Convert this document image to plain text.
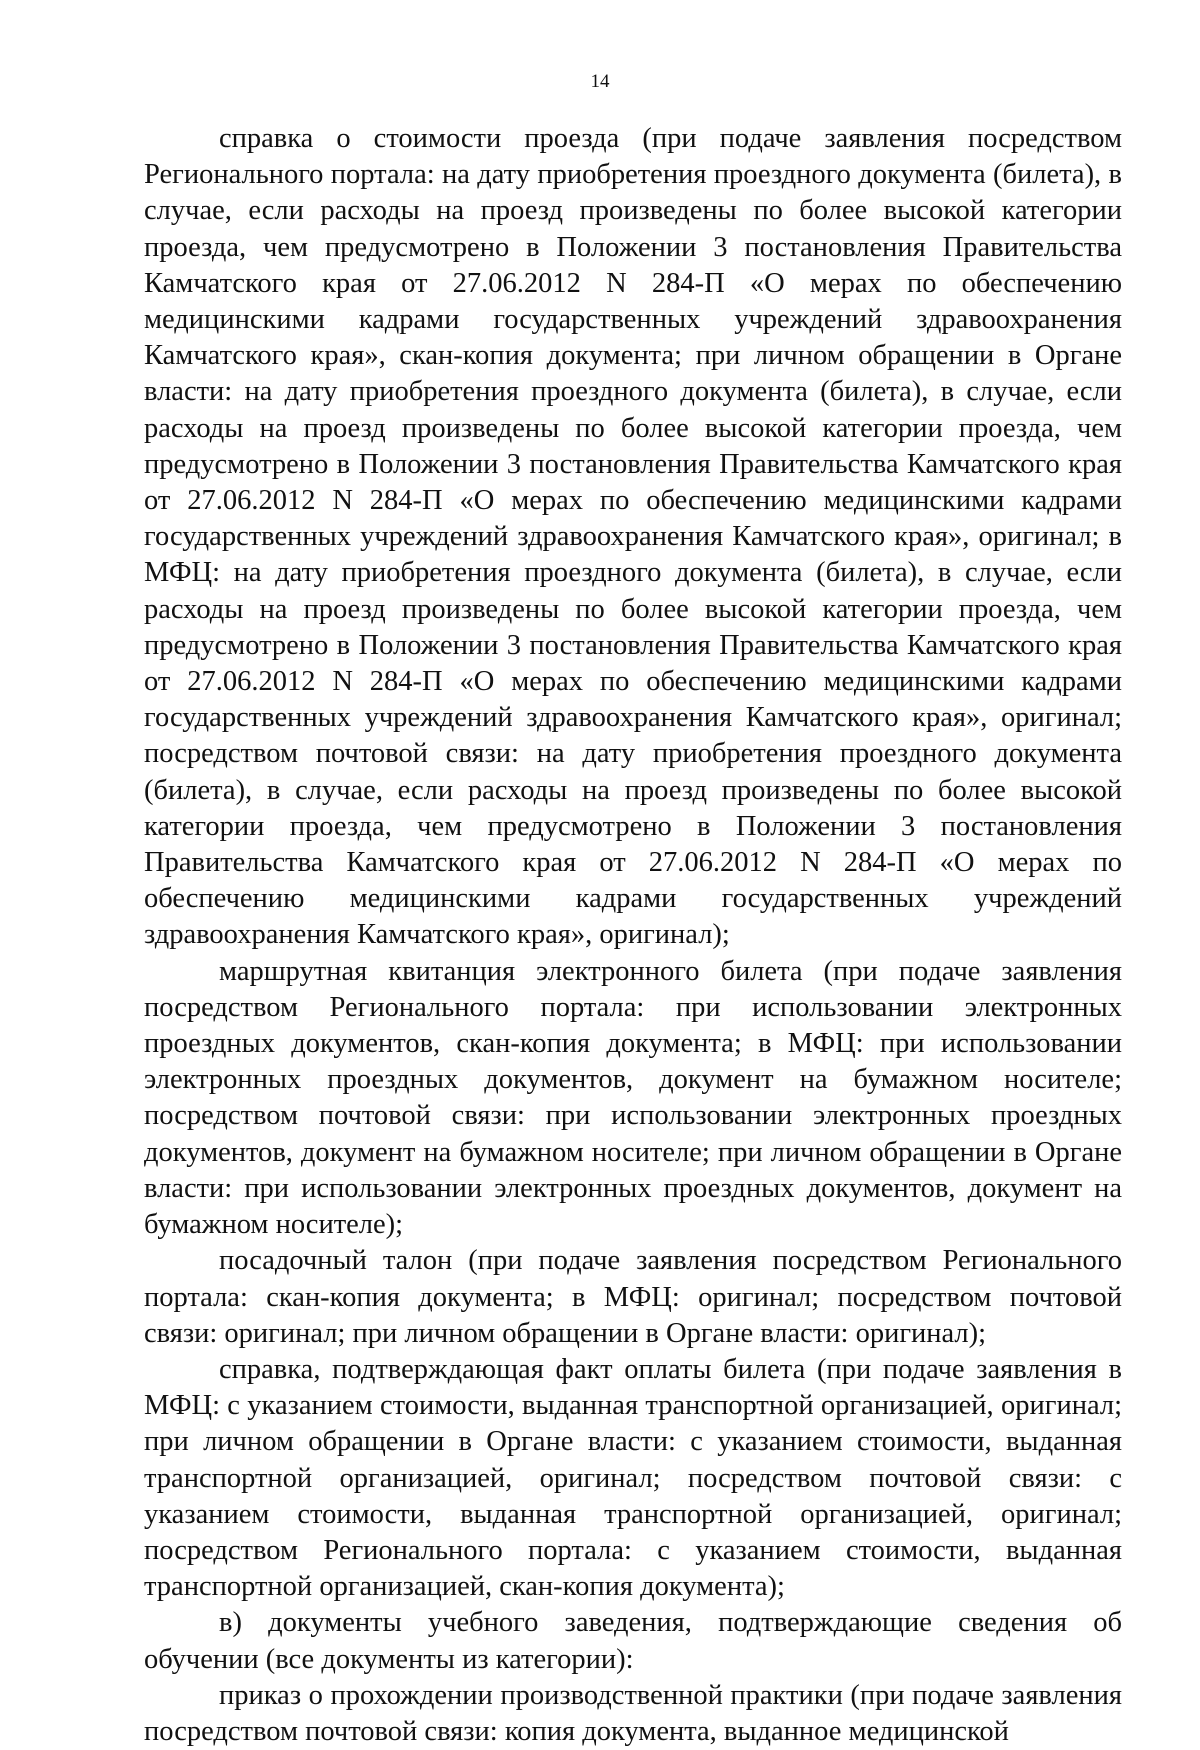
14

справка о стоимости проезда (при подаче заявления посредством Регионального портала: на дату приобретения проездного документа (билета), в случае, если расходы на проезд произведены по более высокой категории проезда, чем предусмотрено в Положении 3 постановления Правительства Камчатского края от 27.06.2012 N 284-П «О мерах по обеспечению медицинскими кадрами государственных учреждений здравоохранения Камчатского края», скан-копия документа; при личном обращении в Органе власти: на дату приобретения проездного документа (билета), в случае, если расходы на проезд произведены по более высокой категории проезда, чем предусмотрено в Положении 3 постановления Правительства Камчатского края от 27.06.2012 N 284-П «О мерах по обеспечению медицинскими кадрами государственных учреждений здравоохранения Камчатского края», оригинал; в МФЦ: на дату приобретения проездного документа (билета), в случае, если расходы на проезд произведены по более высокой категории проезда, чем предусмотрено в Положении 3 постановления Правительства Камчатского края от 27.06.2012 N 284-П «О мерах по обеспечению медицинскими кадрами государственных учреждений здравоохранения Камчатского края», оригинал; посредством почтовой связи: на дату приобретения проездного документа (билета), в случае, если расходы на проезд произведены по более высокой категории проезда, чем предусмотрено в Положении 3 постановления Правительства Камчатского края от 27.06.2012 N 284-П «О мерах по обеспечению медицинскими кадрами государственных учреждений здравоохранения Камчатского края», оригинал);

маршрутная квитанция электронного билета (при подаче заявления посредством Регионального портала: при использовании электронных проездных документов, скан-копия документа; в МФЦ: при использовании электронных проездных документов, документ на бумажном носителе; посредством почтовой связи: при использовании электронных проездных документов, документ на бумажном носителе; при личном обращении в Органе власти: при использовании электронных проездных документов, документ на бумажном носителе);

посадочный талон (при подаче заявления посредством Регионального портала: скан-копия документа; в МФЦ: оригинал; посредством почтовой связи: оригинал; при личном обращении в Органе власти: оригинал);

справка, подтверждающая факт оплаты билета (при подаче заявления в МФЦ: с указанием стоимости, выданная транспортной организацией, оригинал; при личном обращении в Органе власти: с указанием стоимости, выданная транспортной организацией, оригинал; посредством почтовой связи: с указанием стоимости, выданная транспортной организацией, оригинал; посредством Регионального портала: с указанием стоимости, выданная транспортной организацией, скан-копия документа);

в) документы учебного заведения, подтверждающие сведения об обучении (все документы из категории):

приказ о прохождении производственной практики (при подаче заявления посредством почтовой связи: копия документа, выданное медицинской
